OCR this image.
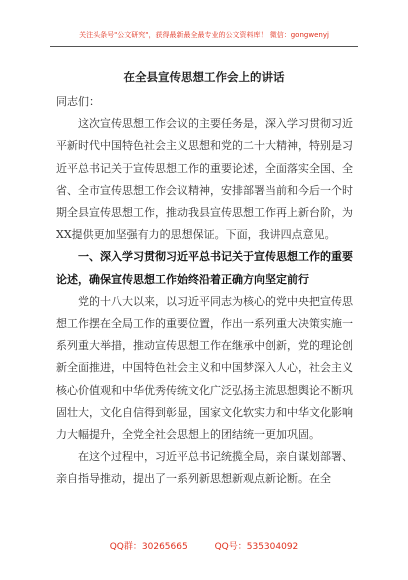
关注头条号"公文研究"，获得最新最全最专业的公文资料库！ 微信：gongwenyj
在全县宣传思想工作会上的讲话

同志们：

这次宣传思想工作会议的主要任务是，深入学习贯彻习近平新时代中国特色社会主义思想和党的二十大精神，特别是习近平总书记关于宣传思想工作的重要论述，全面落实全国、全省、全市宣传思想工作会议精神，安排部署当前和今后一个时期全县宣传思想工作，推动我县宣传思想工作再上新台阶，为XX提供更加坚强有力的思想保证。下面，我讲四点意见。

一、深入学习贯彻习近平总书记关于宣传思想工作的重要论述，确保宣传思想工作始终沿着正确方向坚定前行

党的十八大以来，以习近平同志为核心的党中央把宣传思想工作摆在全局工作的重要位置，作出一系列重大决策实施一系列重大举措，推动宣传思想工作在继承中创新，党的理论创新全面推进，中国特色社会主义和中国梦深入人心，社会主义核心价值观和中华优秀传统文化广泛弘扬主流思想舆论不断巩固壮大，文化自信得到彰显，国家文化软实力和中华文化影响力大幅提升，全党全社会思想上的团结统一更加巩固。

在这个过程中，习近平总书记统揽全局，亲自谋划部署、亲自指导推动，提出了一系列新思想新观点新论断。在全

QQ群：30265665	QQ号：535304092
